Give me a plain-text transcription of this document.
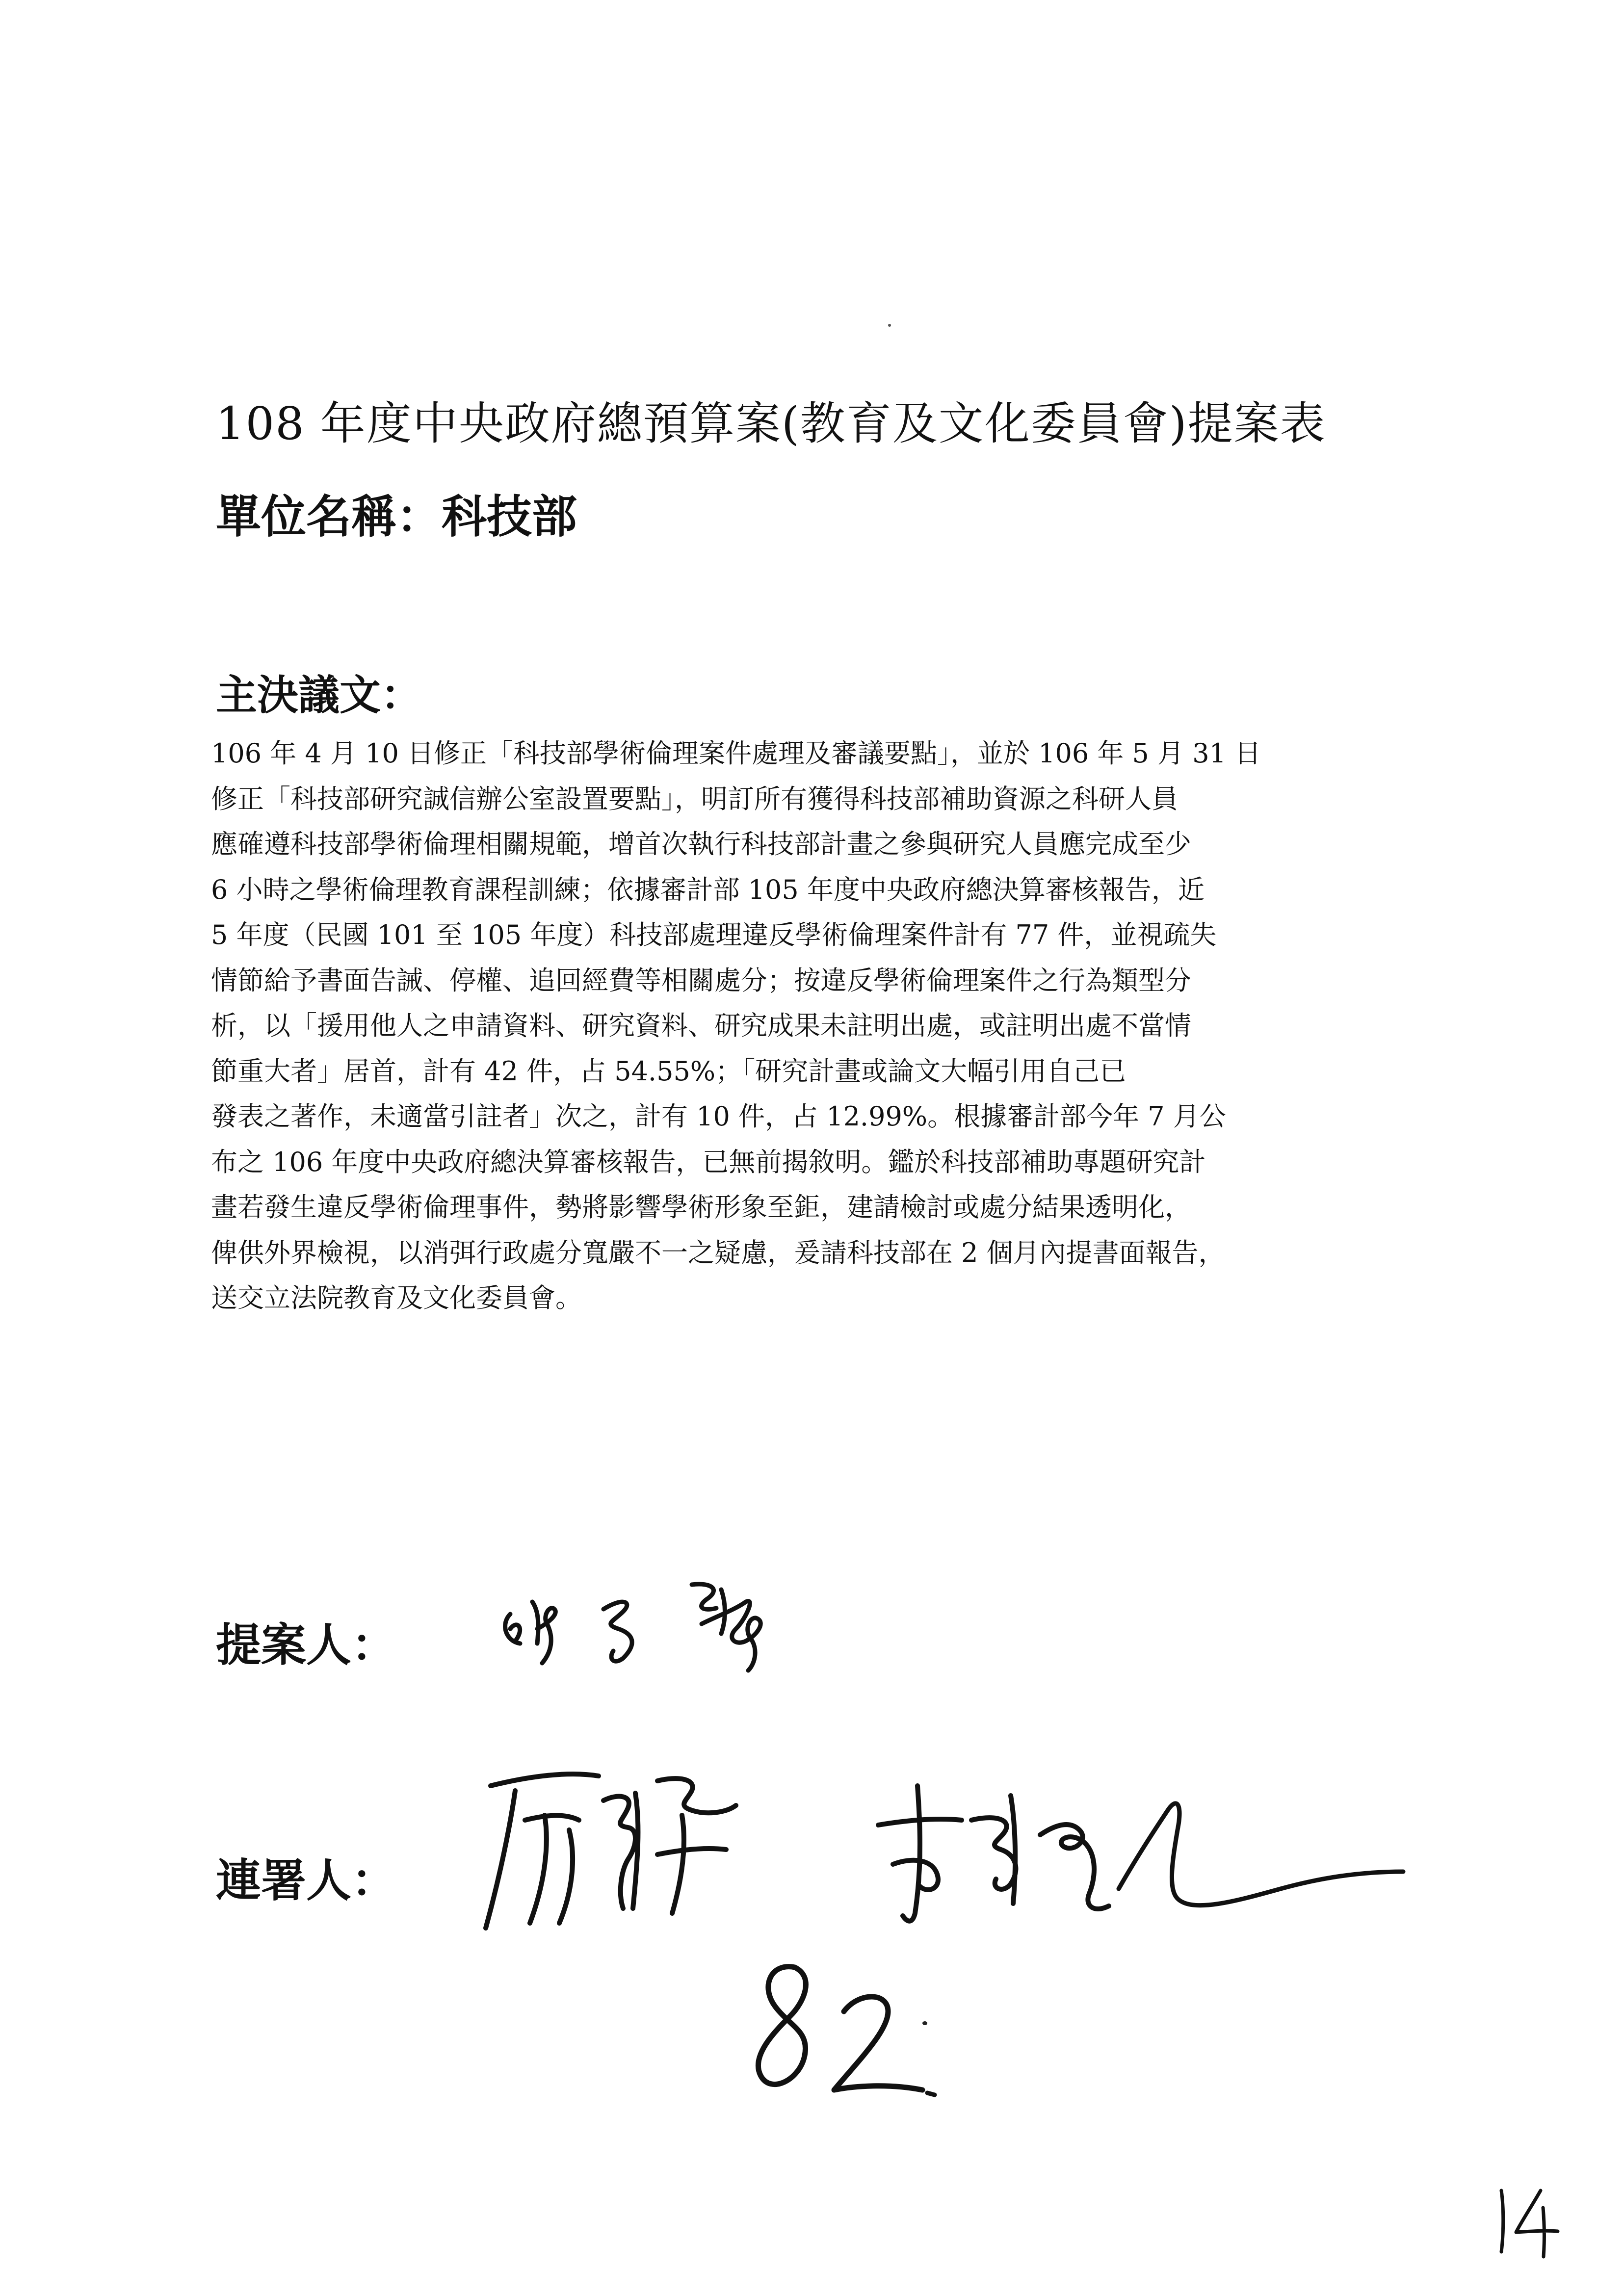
108 年度中央政府總預算案(教育及文化委員會)提案表
單位名稱：科技部
主決議文：
106 年 4 月 10 日修正「科技部學術倫理案件處理及審議要點」，並於 106 年 5 月 31 日
修正「科技部研究誠信辦公室設置要點」，明訂所有獲得科技部補助資源之科研人員
應確遵科技部學術倫理相關規範，增首次執行科技部計畫之參與研究人員應完成至少
6 小時之學術倫理教育課程訓練；依據審計部 105 年度中央政府總決算審核報告，近
5 年度（民國 101 至 105 年度）科技部處理違反學術倫理案件計有 77 件，並視疏失
情節給予書面告誡、停權、追回經費等相關處分；按違反學術倫理案件之行為類型分
析，以「援用他人之申請資料、研究資料、研究成果未註明出處，或註明出處不當情
節重大者」居首，計有 42 件，占 54.55%；「研究計畫或論文大幅引用自己已
發表之著作，未適當引註者」次之，計有 10 件，占 12.99%。根據審計部今年 7 月公
布之 106 年度中央政府總決算審核報告，已無前揭敘明。鑑於科技部補助專題研究計
畫若發生違反學術倫理事件，勢將影響學術形象至鉅，建請檢討或處分結果透明化，
俾供外界檢視，以消弭行政處分寬嚴不一之疑慮，爰請科技部在 2 個月內提書面報告，
送交立法院教育及文化委員會。
提案人：
連署人：
82
